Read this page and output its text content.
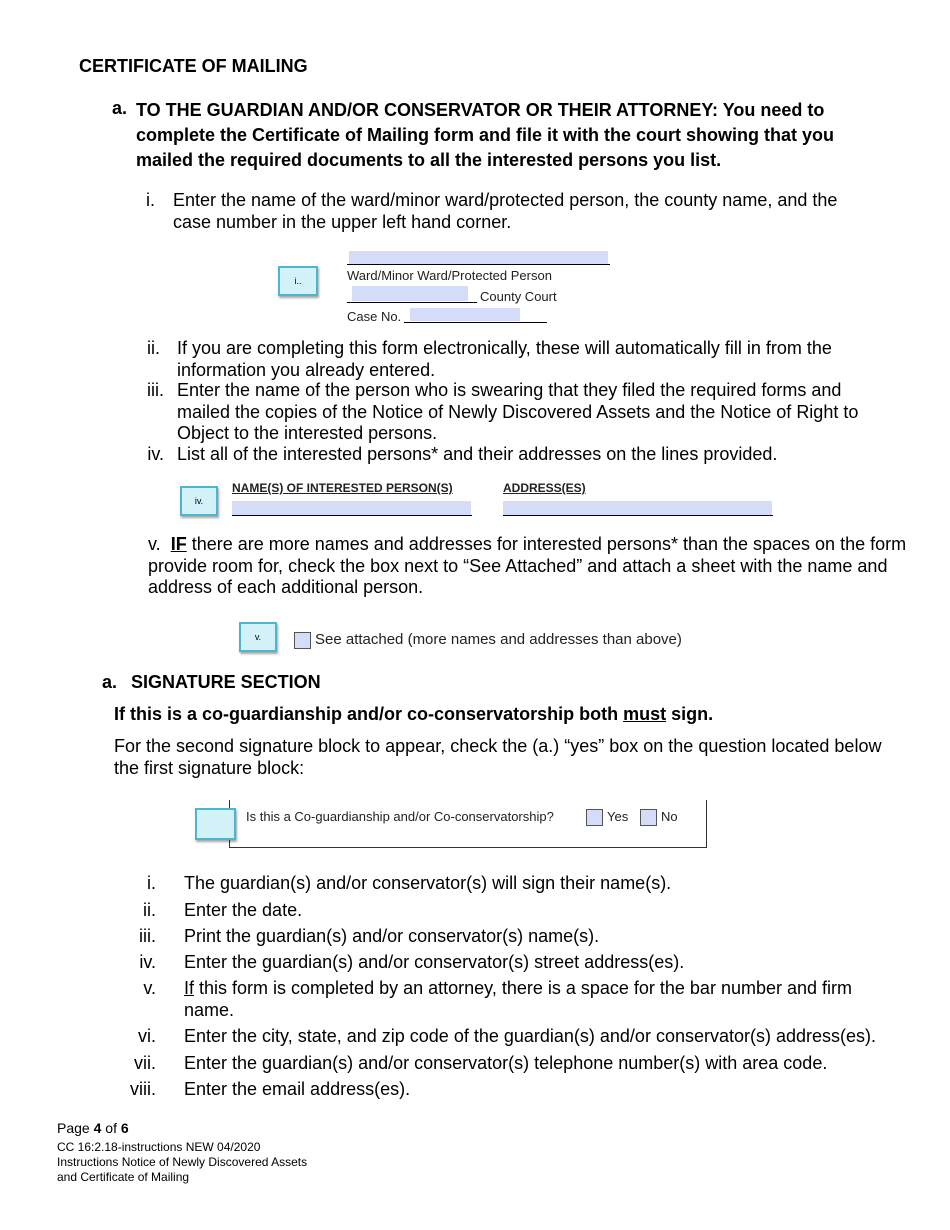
CERTIFICATE OF MAILING
a. TO THE GUARDIAN AND/OR CONSERVATOR OR THEIR ATTORNEY: You need to complete the Certificate of Mailing form and file it with the court showing that you mailed the required documents to all the interested persons you list.
i. Enter the name of the ward/minor ward/protected person, the county name, and the case number in the upper left hand corner.
i..	Ward/Minor Ward/Protected Person
County Court
Case No.
ii. If you are completing this form electronically, these will automatically fill in from the information you already entered.
iii. Enter the name of the person who is swearing that they filed the required forms and mailed the copies of the Notice of Newly Discovered Assets and the Notice of Right to Object to the interested persons.
iv. List all of the interested persons* and their addresses on the lines provided.
iv.
NAME(S) OF INTERESTED PERSON(S)	ADDRESS(ES)
v. IF there are more names and addresses for interested persons* than the spaces on the form provide room for, check the box next to “See Attached” and attach a sheet with the name and address of each additional person.
v.	See attached (more names and addresses than above)
a. SIGNATURE SECTION
If this is a co-guardianship and/or co-conservatorship both must sign.
For the second signature block to appear, check the (a.) “yes” box on the question located below the first signature block:
Is this a Co-guardianship and/or Co-conservatorship?	Yes	No
i. The guardian(s) and/or conservator(s) will sign their name(s).
ii. Enter the date.
iii. Print the guardian(s) and/or conservator(s) name(s).
iv. Enter the guardian(s) and/or conservator(s) street address(es).
v. If this form is completed by an attorney, there is a space for the bar number and firm name.
vi. Enter the city, state, and zip code of the guardian(s) and/or conservator(s) address(es).
vii. Enter the guardian(s) and/or conservator(s) telephone number(s) with area code.
viii. Enter the email address(es).
Page 4 of 6
CC 16:2.18-instructions NEW 04/2020
Instructions Notice of Newly Discovered Assets
and Certificate of Mailing
